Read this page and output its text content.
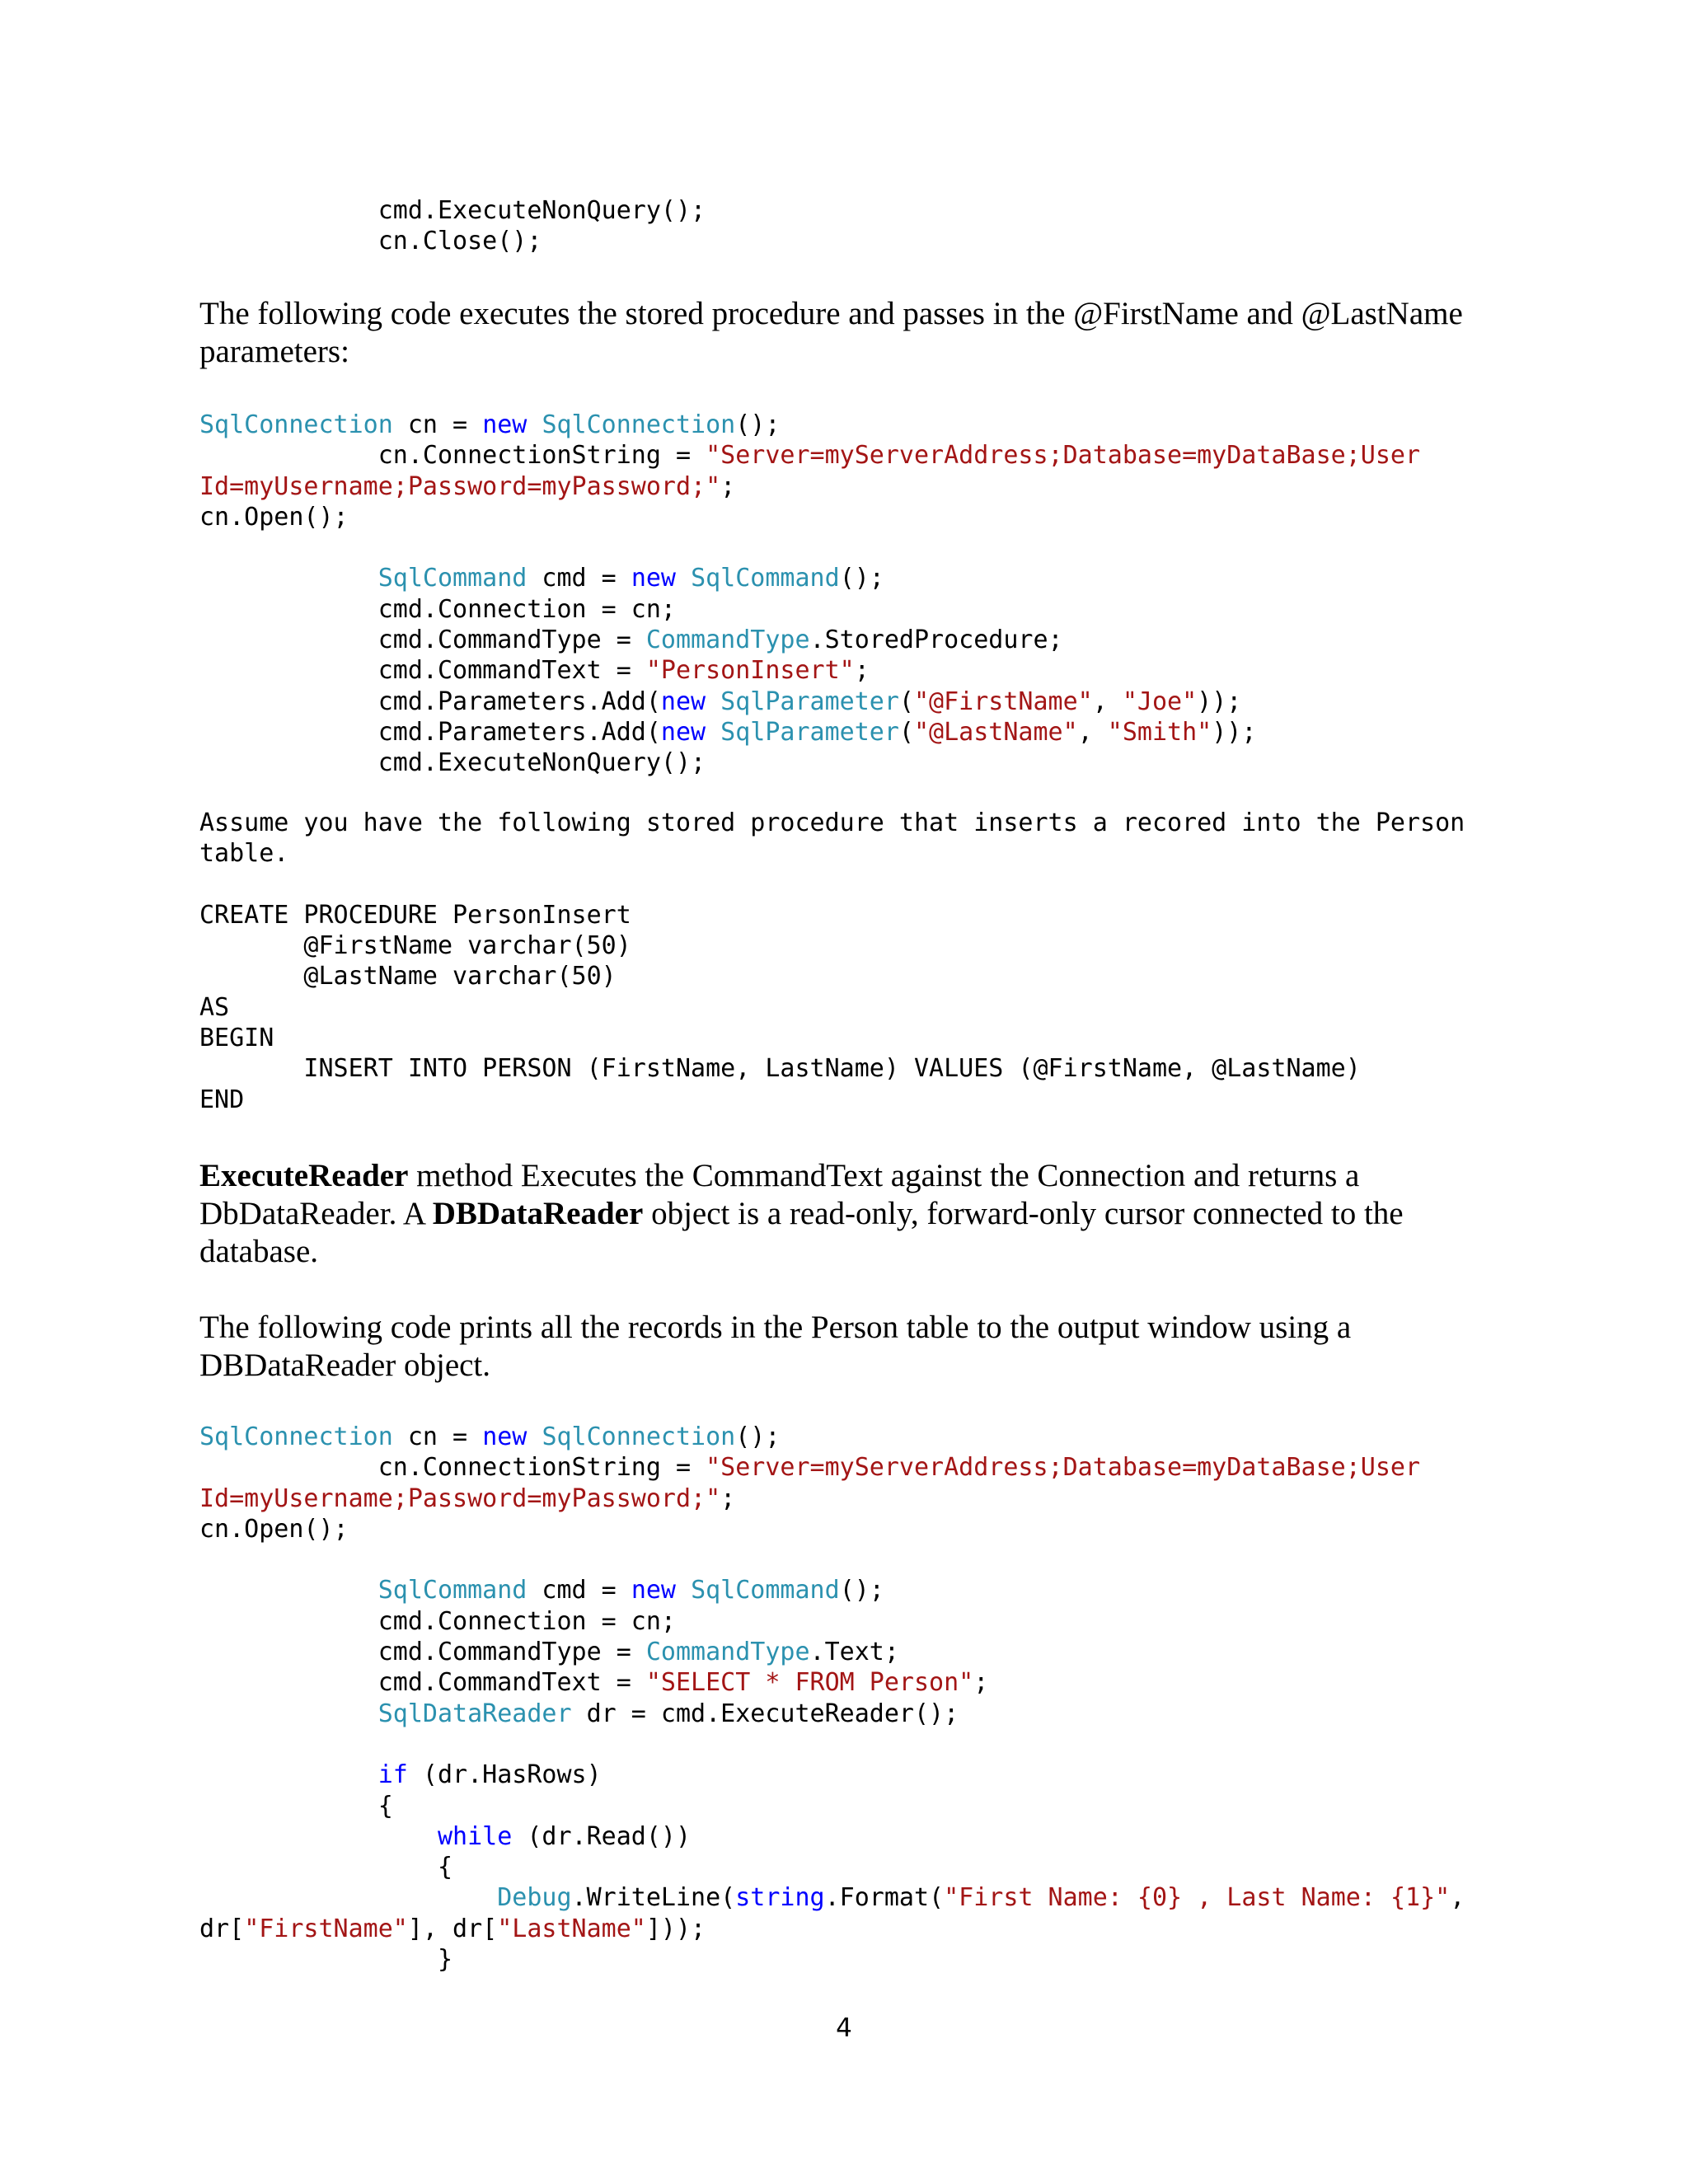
cmd.ExecuteNonQuery();
cn.Close();

The following code executes the stored procedure and passes in the @FirstName and @LastName parameters:

SqlConnection cn = new SqlConnection();
cn.ConnectionString = "Server=myServerAddress;Database=myDataBase;User
Id=myUsername;Password=myPassword;";
cn.Open();
SqlCommand cmd = new SqlCommand();
cmd.Connection = cn;
cmd.CommandType = CommandType.StoredProcedure;
cmd.CommandText = "PersonInsert";
cmd.Parameters.Add(new SqlParameter("@FirstName", "Joe"));
cmd.Parameters.Add(new SqlParameter("@LastName", "Smith"));
cmd.ExecuteNonQuery();
Assume you have the following stored procedure that inserts a recored into the Person
table.
CREATE PROCEDURE PersonInsert
@FirstName varchar(50)
@LastName varchar(50)
AS
BEGIN
INSERT INTO PERSON (FirstName, LastName) VALUES (@FirstName, @LastName)
END

ExecuteReader method Executes the CommandText against the Connection and returns a DbDataReader. A DBDataReader object is a read-only, forward-only cursor connected to the database.

The following code prints all the records in the Person table to the output window using a DBDataReader object.

SqlConnection cn = new SqlConnection();
cn.ConnectionString = "Server=myServerAddress;Database=myDataBase;User
Id=myUsername;Password=myPassword;";
cn.Open();
SqlCommand cmd = new SqlCommand();
cmd.Connection = cn;
cmd.CommandType = CommandType.Text;
cmd.CommandText = "SELECT * FROM Person";
SqlDataReader dr = cmd.ExecuteReader();
if (dr.HasRows)
{
while (dr.Read())
{
Debug.WriteLine(string.Format("First Name: {0} , Last Name: {1}",
dr["FirstName"], dr["LastName"]));
}
4
